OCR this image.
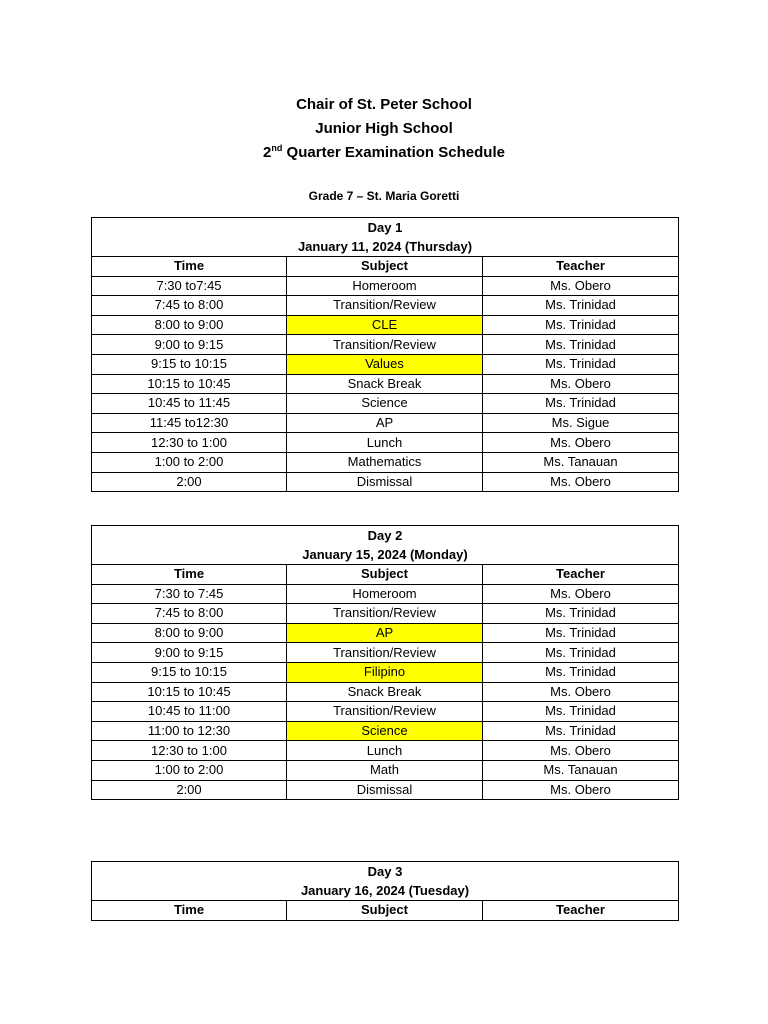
Chair of St. Peter School
Junior High School
2nd Quarter Examination Schedule
Grade 7 – St. Maria Goretti
Day 1
January 11, 2024 (Thursday)		

Time	Subject	Teacher
7:30 to7:45	Homeroom	Ms. Obero
7:45 to 8:00	Transition/Review	Ms. Trinidad
8:00 to 9:00	CLE	Ms. Trinidad
9:00 to 9:15	Transition/Review	Ms. Trinidad
9:15 to 10:15	Values	Ms. Trinidad
10:15 to 10:45	Snack Break	Ms. Obero
10:45 to 11:45	Science	Ms. Trinidad
11:45 to12:30	AP	Ms. Sigue
12:30 to 1:00	Lunch	Ms. Obero
1:00 to 2:00	Mathematics	Ms. Tanauan
2:00	Dismissal	Ms. Obero
Day 2
January 15, 2024 (Monday)		

Time	Subject	Teacher
7:30 to 7:45	Homeroom	Ms. Obero
7:45 to 8:00	Transition/Review	Ms. Trinidad
8:00 to 9:00	AP	Ms. Trinidad
9:00 to 9:15	Transition/Review	Ms. Trinidad
9:15 to 10:15	Filipino	Ms. Trinidad
10:15 to 10:45	Snack Break	Ms. Obero
10:45 to 11:00	Transition/Review	Ms. Trinidad
11:00 to 12:30	Science	Ms. Trinidad
12:30 to 1:00	Lunch	Ms. Obero
1:00 to 2:00	Math	Ms. Tanauan
2:00	Dismissal	Ms. Obero
Day 3
January 16, 2024 (Tuesday)

Time	Subject	Teacher
